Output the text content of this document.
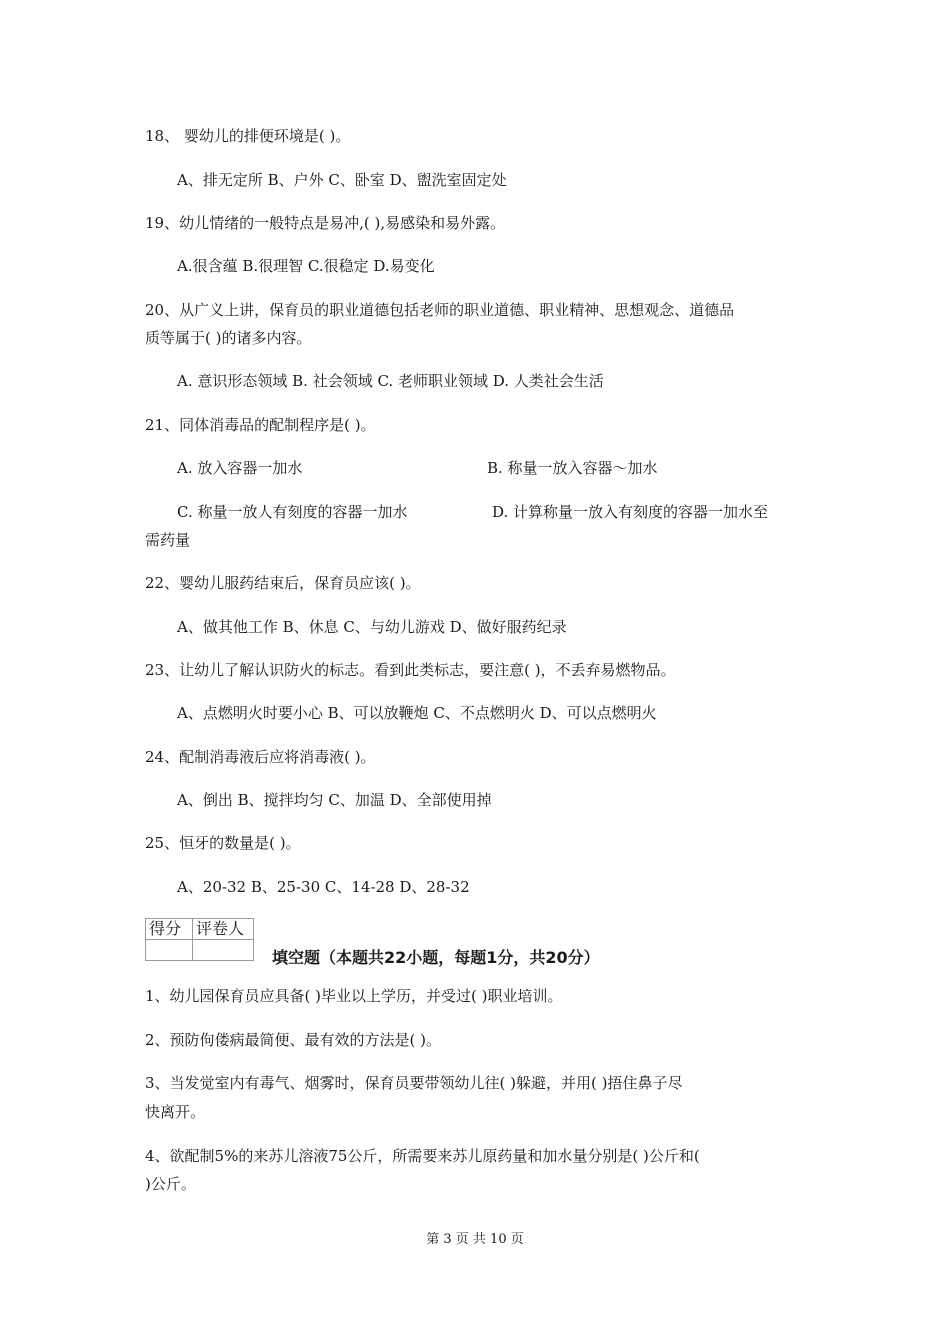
18、 婴幼儿的排便环境是( )。
A、排无定所 B、户外 C、卧室 D、盥洗室固定处
19、幼儿情绪的一般特点是易冲,( ),易感染和易外露。
A.很含蕴 B.很理智 C.很稳定 D.易变化
20、从广义上讲，保育员的职业道德包括老师的职业道德、职业精神、思想观念、道德品
质等属于( )的诸多内容。
A. 意识形态领域 B. 社会领域 C. 老师职业领域 D. 人类社会生活
21、同体消毒品的配制程序是( )。
A. 放入容器一加水	B. 称量一放入容器～加水
C. 称量一放人有刻度的容器一加水	D. 计算称量一放入有刻度的容器一加水至
需药量
22、婴幼儿服药结束后，保育员应该( )。
A、做其他工作 B、休息 C、与幼儿游戏 D、做好服药纪录
23、让幼儿了解认识防火的标志。看到此类标志，要注意( )，不丢弃易燃物品。
A、点燃明火时要小心 B、可以放鞭炮 C、不点燃明火 D、可以点燃明火
24、配制消毒液后应将消毒液( )。
A、倒出 B、搅拌均匀 C、加温 D、全部使用掉
25、恒牙的数量是( )。
A、20-32 B、25-30 C、14-28 D、28-32
得分	评卷人

填空题（本题共22小题，每题1分，共20分）
1、幼儿园保育员应具备( )毕业以上学历，并受过( )职业培训。
2、预防佝偻病最简便、最有效的方法是( )。
3、当发觉室内有毒气、烟雾时，保育员要带领幼儿往( )躲避，并用( )捂住鼻子尽
快离开。
4、欲配制5%的来苏儿溶液75公斤，所需要来苏儿原药量和加水量分别是( )公斤和(
)公斤。
第 3 页 共 10 页
